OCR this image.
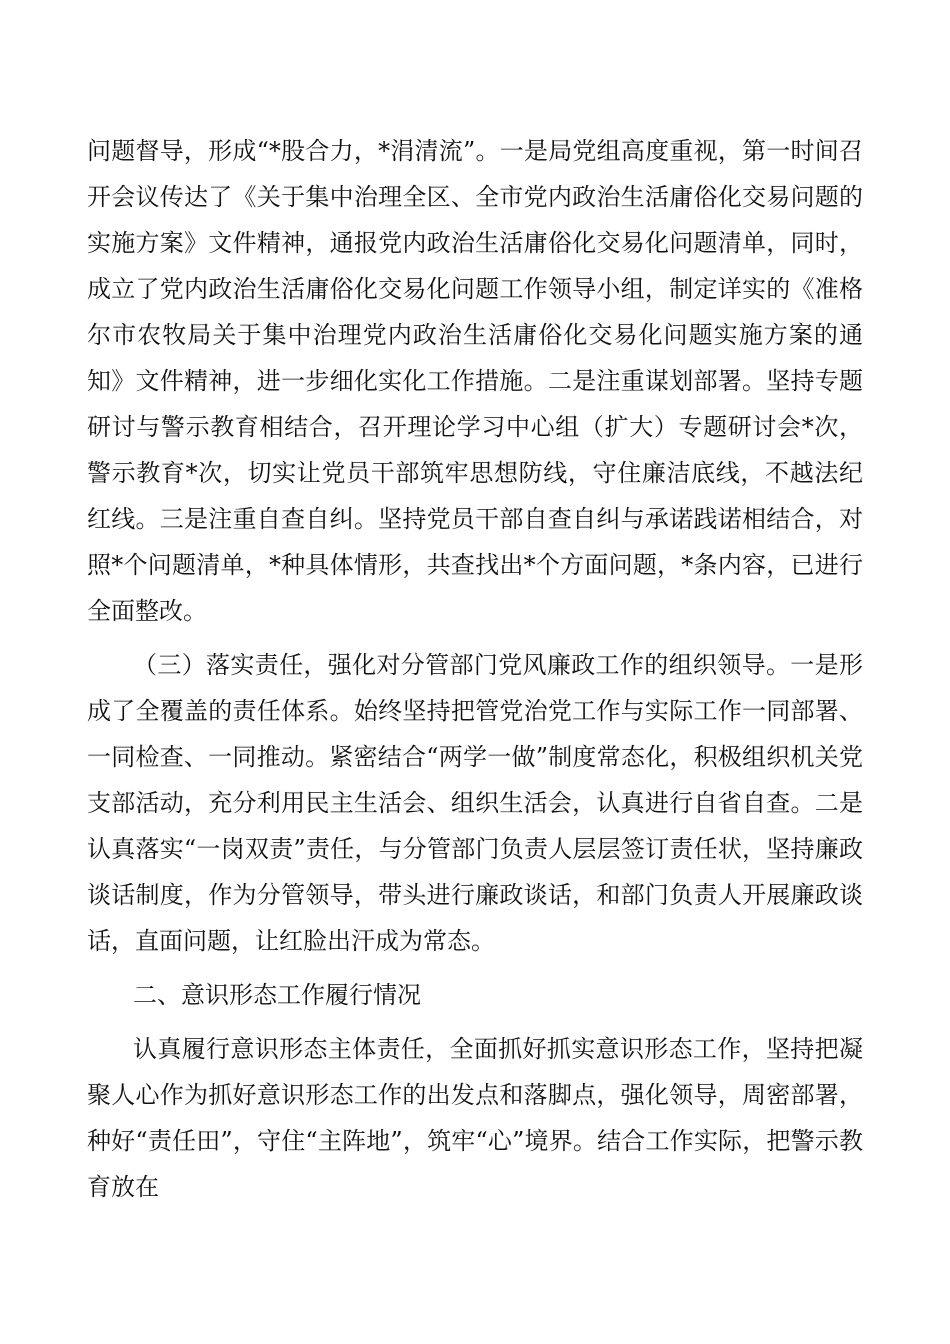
问题督导，形成“*股合力，*涓清流”。一是局党组高度重视，第一时间召开会议传达了《关于集中治理全区、全市党内政治生活庸俗化交易问题的实施方案》文件精神，通报党内政治生活庸俗化交易化问题清单，同时，成立了党内政治生活庸俗化交易化问题工作领导小组，制定详实的《准格尔市农牧局关于集中治理党内政治生活庸俗化交易化问题实施方案的通知》文件精神，进一步细化实化工作措施。二是注重谋划部署。坚持专题研讨与警示教育相结合，召开理论学习中心组（扩大）专题研讨会*次，警示教育*次，切实让党员干部筑牢思想防线，守住廉洁底线，不越法纪红线。三是注重自查自纠。坚持党员干部自查自纠与承诺践诺相结合，对照*个问题清单，*种具体情形，共查找出*个方面问题，*条内容，已进行全面整改。

（三）落实责任，强化对分管部门党风廉政工作的组织领导。一是形成了全覆盖的责任体系。始终坚持把管党治党工作与实际工作一同部署、一同检查、一同推动。紧密结合“两学一做”制度常态化，积极组织机关党支部活动，充分利用民主生活会、组织生活会，认真进行自省自查。二是认真落实“一岗双责”责任，与分管部门负责人层层签订责任状，坚持廉政谈话制度，作为分管领导，带头进行廉政谈话，和部门负责人开展廉政谈话，直面问题，让红脸出汗成为常态。

二、意识形态工作履行情况

认真履行意识形态主体责任，全面抓好抓实意识形态工作，坚持把凝聚人心作为抓好意识形态工作的出发点和落脚点，强化领导，周密部署，种好“责任田”，守住“主阵地”，筑牢“心”境界。结合工作实际，把警示教育放在
